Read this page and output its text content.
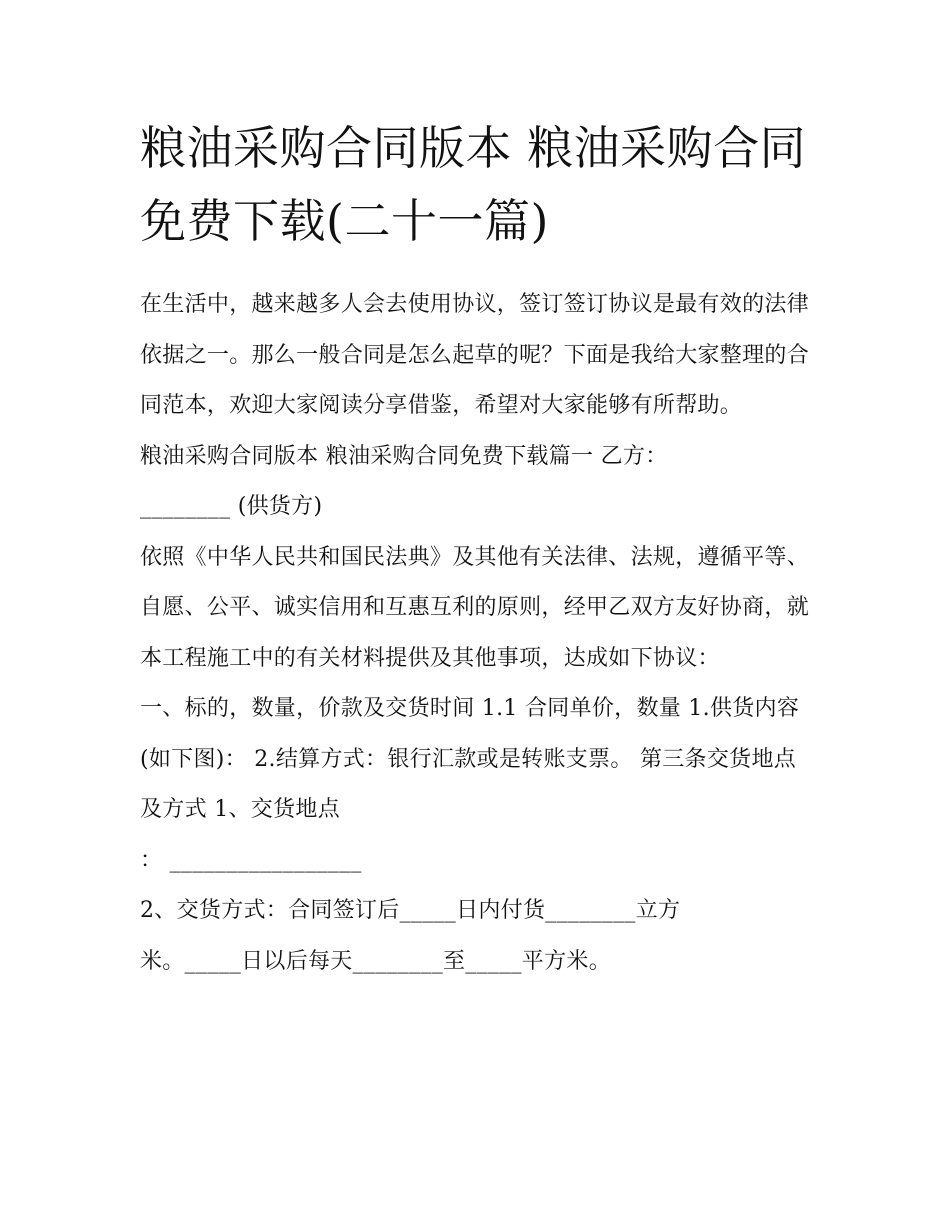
粮油采购合同版本 粮油采购合同免费下载(二十一篇)

在生活中，越来越多人会去使用协议，签订签订协议是最有效的法律依据之一。那么一般合同是怎么起草的呢？下面是我给大家整理的合同范本，欢迎大家阅读分享借鉴，希望对大家能够有所帮助。

粮油采购合同版本 粮油采购合同免费下载篇一 乙方：

________ (供货方)

依照《中华人民共和国民法典》及其他有关法律、法规，遵循平等、自愿、公平、诚实信用和互惠互利的原则，经甲乙双方友好协商，就本工程施工中的有关材料提供及其他事项，达成如下协议：

一、标的，数量，价款及交货时间 1.1 合同单价，数量 1.供货内容(如下图)： 2.结算方式：银行汇款或是转账支票。 第三条交货地点及方式 1、交货地点

： _________________

2、交货方式：合同签订后_____日内付货________立方

米。_____日以后每天________至_____平方米。
